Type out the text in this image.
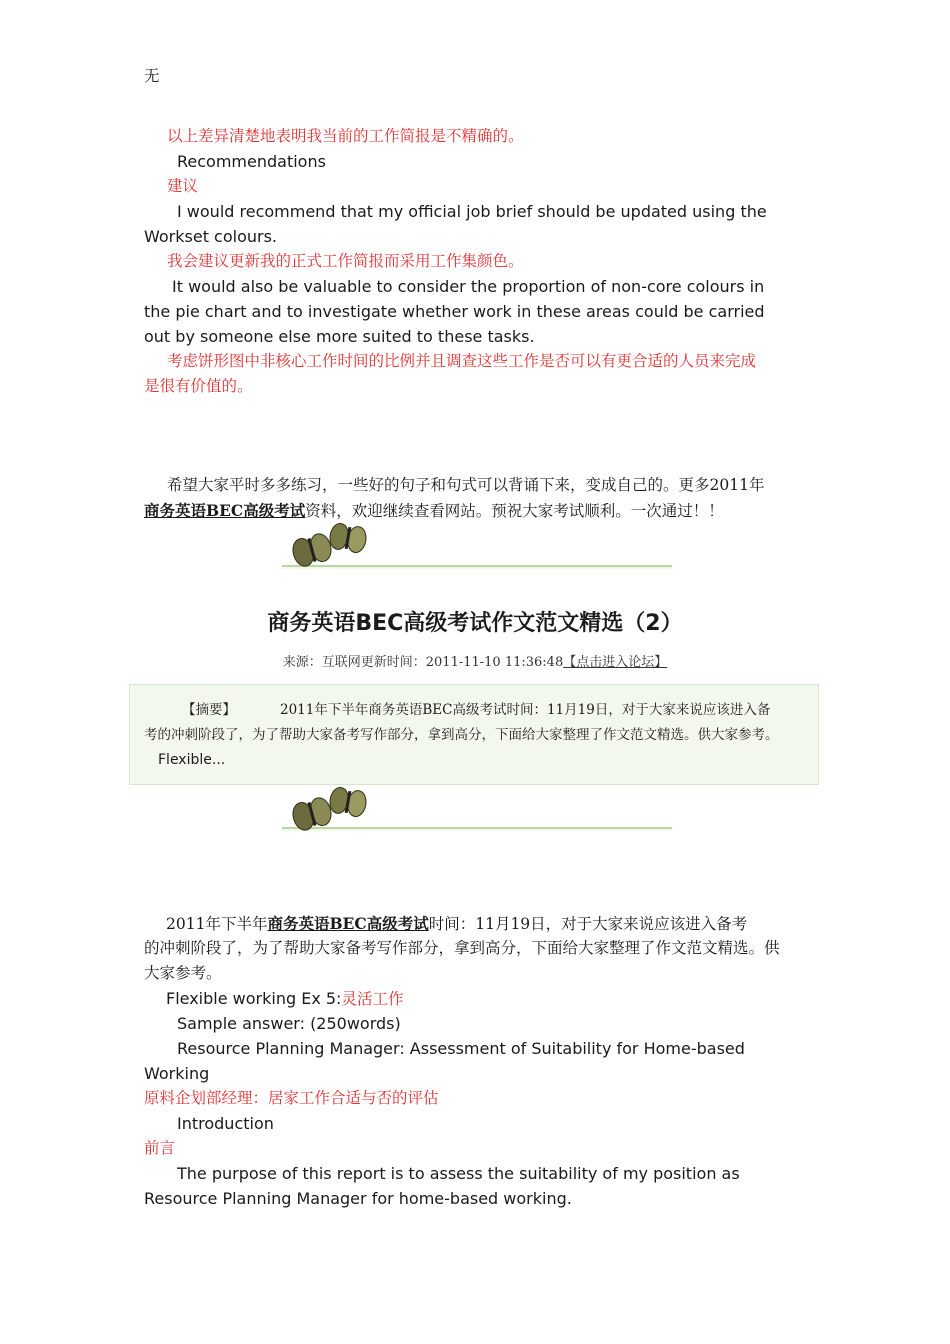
无
以上差异清楚地表明我当前的工作简报是不精确的。
Recommendations
建议
I would recommend that my official job brief should be updated using the
Workset colours.
我会建议更新我的正式工作简报而采用工作集颜色。
It would also be valuable to consider the proportion of non-core colours in
the pie chart and to investigate whether work in these areas could be carried
out by someone else more suited to these tasks.
考虑饼形图中非核心工作时间的比例并且调查这些工作是否可以有更合适的人员来完成
是很有价值的。
希望大家平时多多练习，一些好的句子和句式可以背诵下来，变成自己的。更多2011年
商务英语BEC高级考试资料，欢迎继续查看网站。预祝大家考试顺利。一次通过！！
商务英语BEC高级考试作文范文精选（2）
来源：互联网更新时间：2011-11-10 11:36:48【点击进入论坛】
【摘要】	2011年下半年商务英语BEC高级考试时间：11月19日，对于大家来说应该进入备
考的冲刺阶段了，为了帮助大家备考写作部分，拿到高分，下面给大家整理了作文范文精选。供大家参考。
Flexible...
2011年下半年商务英语BEC高级考试时间：11月19日，对于大家来说应该进入备考
的冲刺阶段了，为了帮助大家备考写作部分，拿到高分，下面给大家整理了作文范文精选。供
大家参考。
Flexible working Ex 5:灵活工作
Sample answer: (250words)
Resource Planning Manager: Assessment of Suitability for Home-based
Working
原料企划部经理：居家工作合适与否的评估
Introduction
前言
The purpose of this report is to assess the suitability of my position as
Resource Planning Manager for home-based working.
